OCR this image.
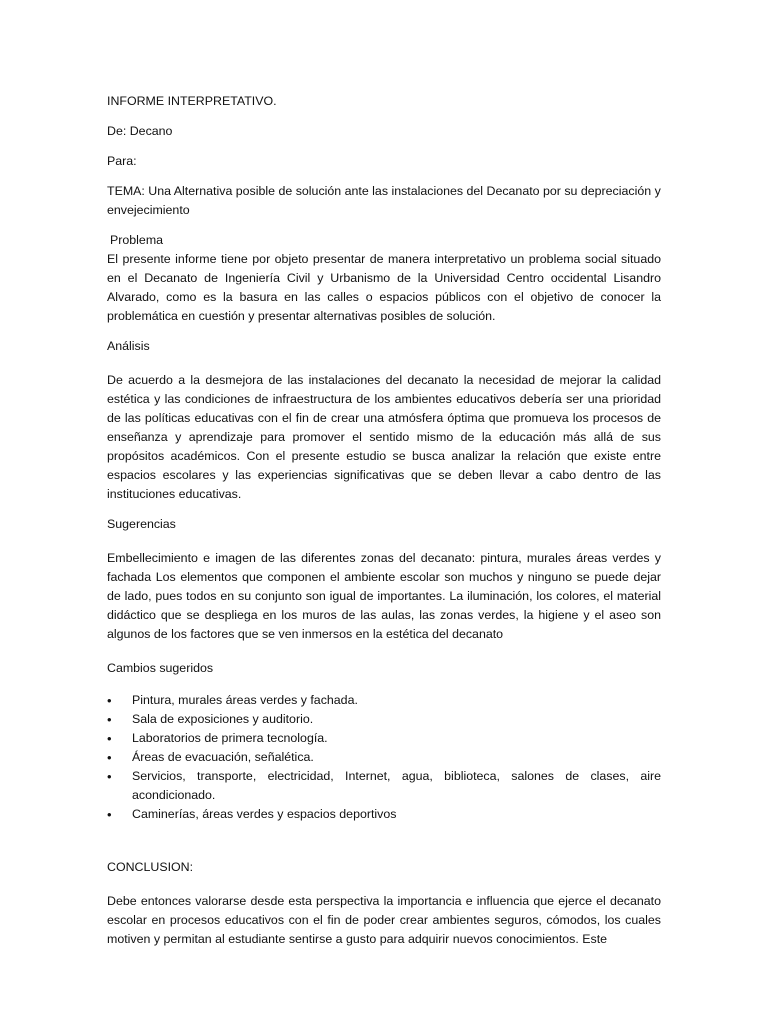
INFORME INTERPRETATIVO.

De: Decano

Para:

TEMA: Una Alternativa posible de solución ante las instalaciones del Decanato por su depreciación y envejecimiento

Problema

El presente informe tiene por objeto presentar de manera interpretativo un problema social situado en el Decanato de Ingeniería Civil y Urbanismo de la Universidad Centro occidental Lisandro Alvarado, como es la basura en las calles o espacios públicos con el objetivo de conocer la problemática en cuestión y presentar alternativas posibles de solución.

Análisis

De acuerdo a la desmejora de las instalaciones del decanato la necesidad de mejorar la calidad estética y las condiciones de infraestructura de los ambientes educativos debería ser una prioridad de las políticas educativas con el fin de crear una atmósfera óptima que promueva los procesos de enseñanza y aprendizaje para promover el sentido mismo de la educación más allá de sus propósitos académicos. Con el presente estudio se busca analizar la relación que existe entre espacios escolares y las experiencias significativas que se deben llevar a cabo dentro de las instituciones educativas.

Sugerencias

Embellecimiento e imagen de las diferentes zonas del decanato: pintura, murales áreas verdes y fachada Los elementos que componen el ambiente escolar son muchos y ninguno se puede dejar de lado, pues todos en su conjunto son igual de importantes. La iluminación, los colores, el material didáctico que se despliega en los muros de las aulas, las zonas verdes, la higiene y el aseo son algunos de los factores que se ven inmersos en la estética del decanato

Cambios sugeridos

• Pintura, murales áreas verdes y fachada.
• Sala de exposiciones y auditorio.
• Laboratorios de primera tecnología.
• Áreas de evacuación, señalética.
• Servicios, transporte, electricidad, Internet, agua, biblioteca, salones de clases, aire acondicionado.
• Caminerías, áreas verdes y espacios deportivos

CONCLUSION:

Debe entonces valorarse desde esta perspectiva la importancia e influencia que ejerce el decanato escolar en procesos educativos con el fin de poder crear ambientes seguros, cómodos, los cuales motiven y permitan al estudiante sentirse a gusto para adquirir nuevos conocimientos. Este
